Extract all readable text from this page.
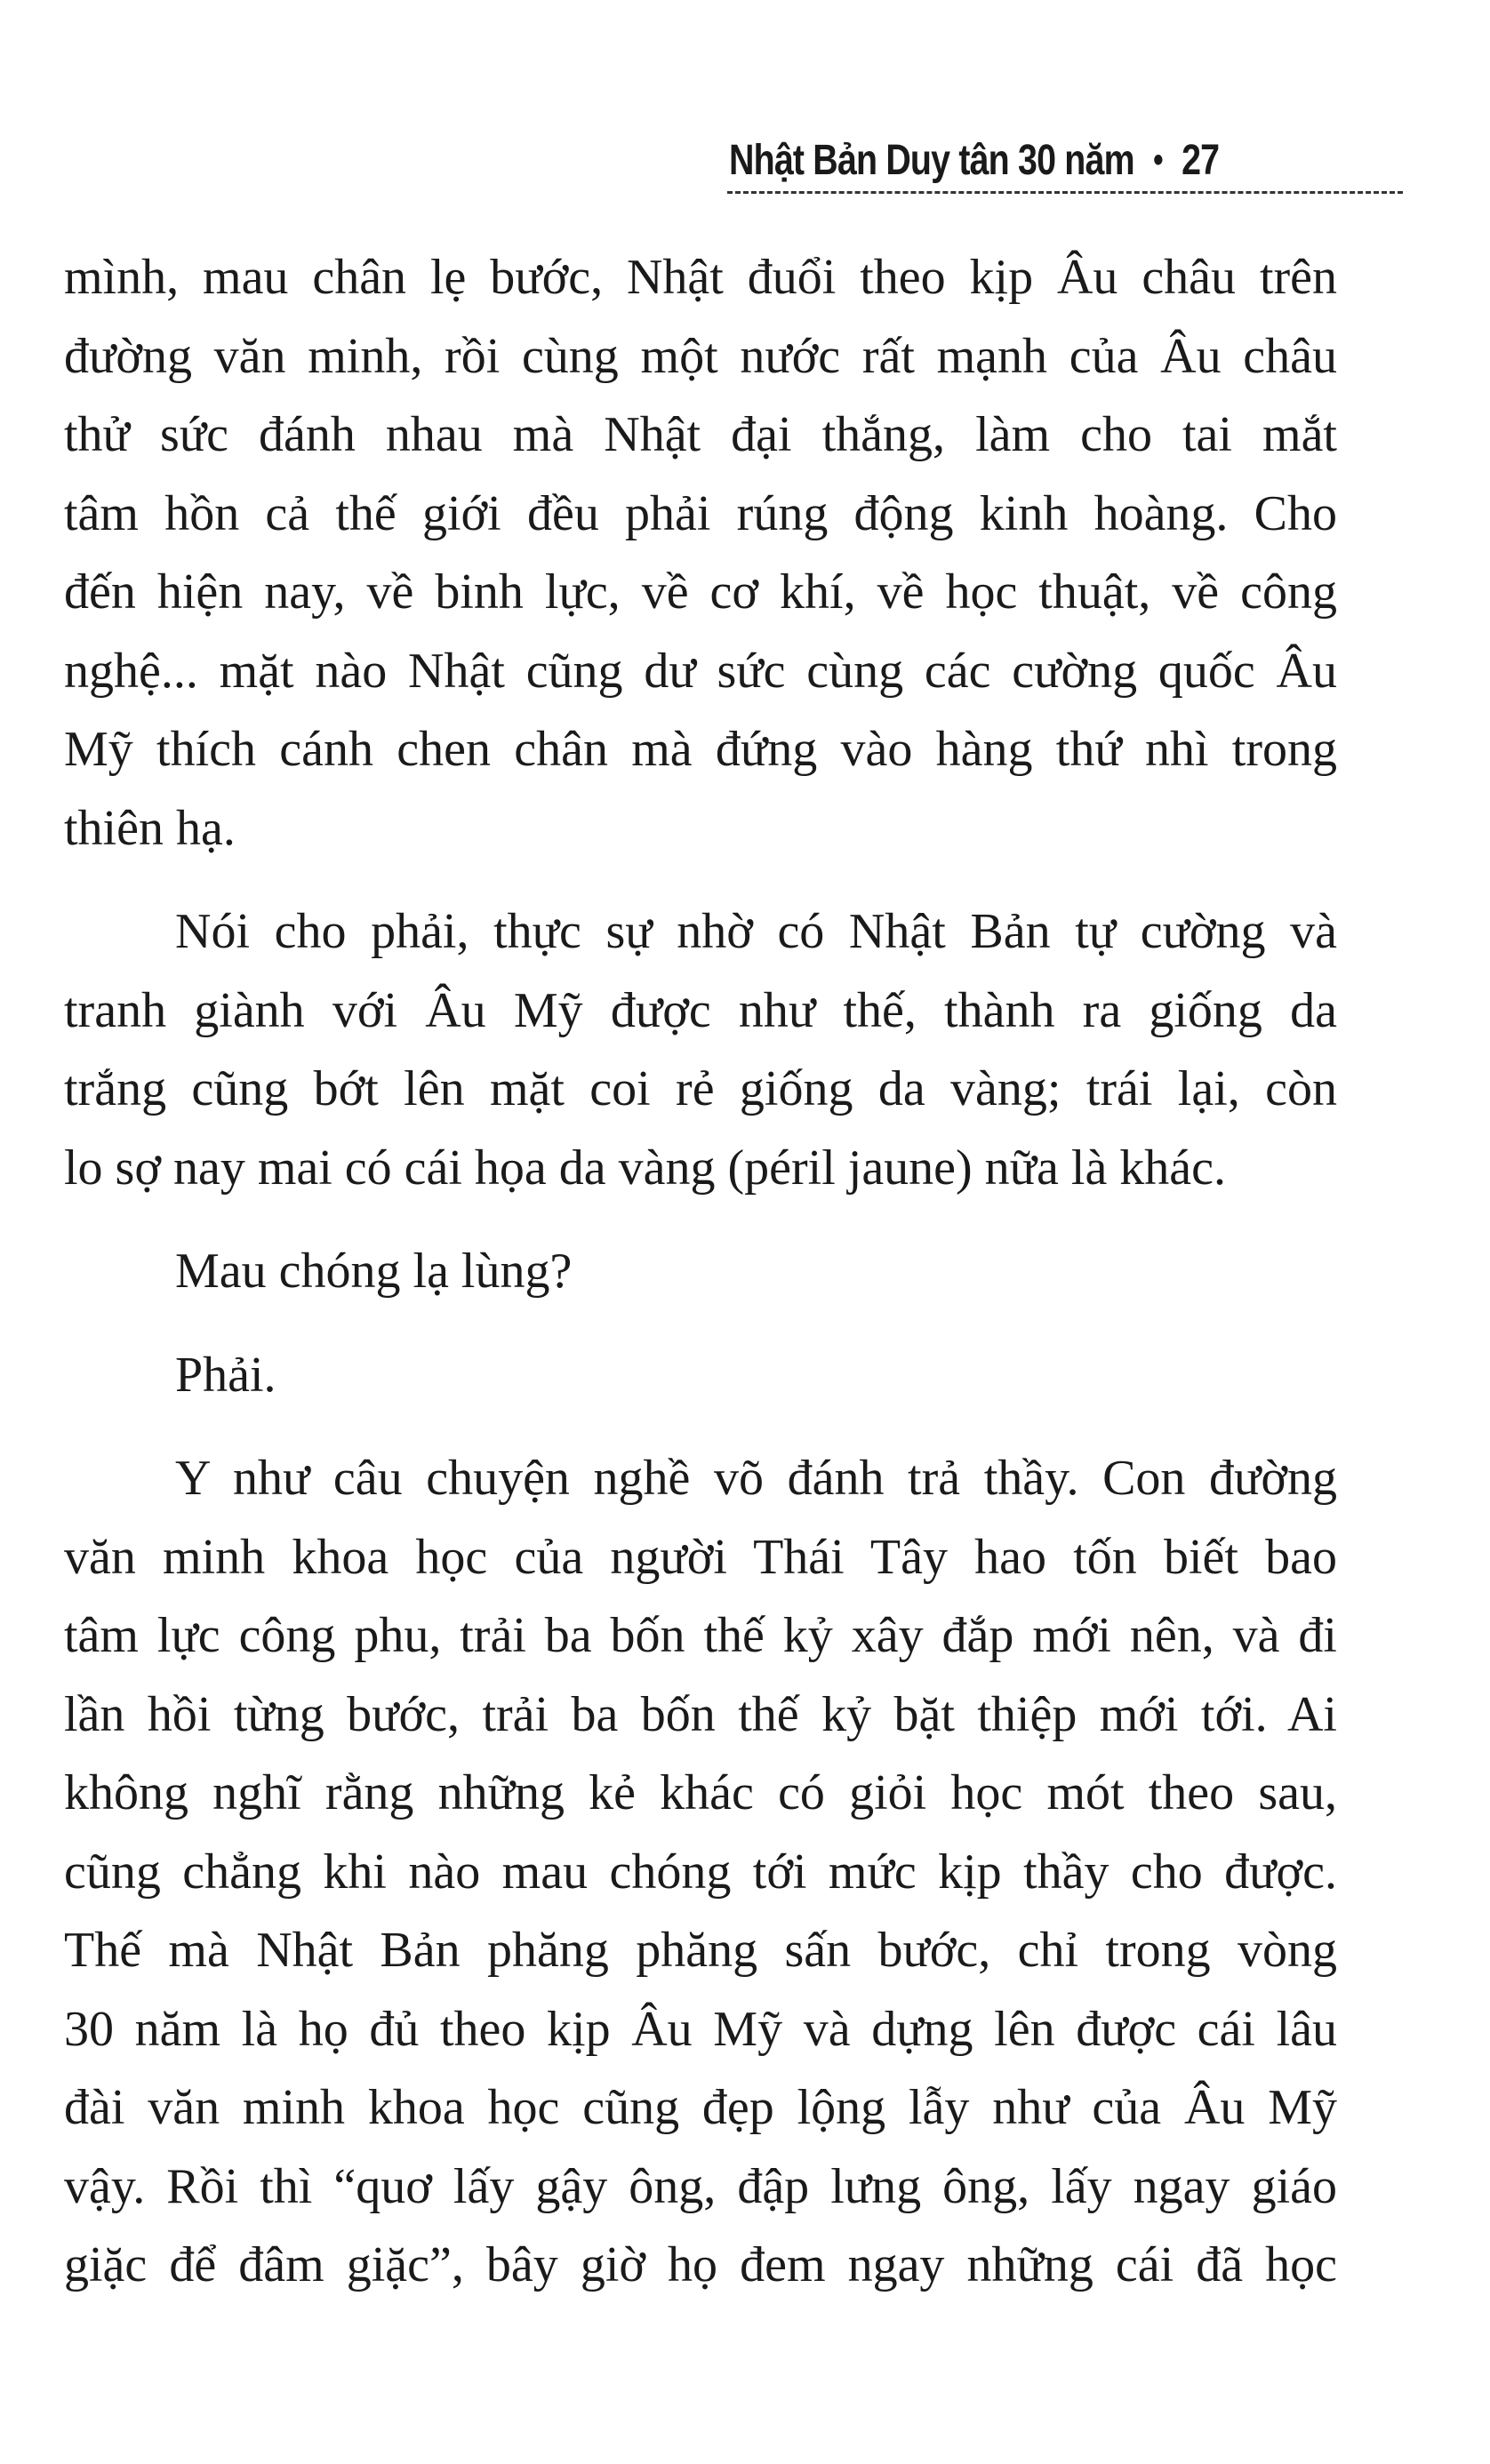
Nhật Bản Duy tân 30 năm • 27
mình, mau chân lẹ bước, Nhật đuổi theo kịp Âu châu trên
đường văn minh, rồi cùng một nước rất mạnh của Âu châu
thử sức đánh nhau mà Nhật đại thắng, làm cho tai mắt
tâm hồn cả thế giới đều phải rúng động kinh hoàng. Cho
đến hiện nay, về binh lực, về cơ khí, về học thuật, về công
nghệ... mặt nào Nhật cũng dư sức cùng các cường quốc Âu
Mỹ thích cánh chen chân mà đứng vào hàng thứ nhì trong
thiên hạ.
Nói cho phải, thực sự nhờ có Nhật Bản tự cường và
tranh giành với Âu Mỹ được như thế, thành ra giống da
trắng cũng bớt lên mặt coi rẻ giống da vàng; trái lại, còn
lo sợ nay mai có cái họa da vàng (péril jaune) nữa là khác.
Mau chóng lạ lùng?
Phải.
Y như câu chuyện nghề võ đánh trả thầy. Con đường
văn minh khoa học của người Thái Tây hao tốn biết bao
tâm lực công phu, trải ba bốn thế kỷ xây đắp mới nên, và đi
lần hồi từng bước, trải ba bốn thế kỷ bặt thiệp mới tới. Ai
không nghĩ rằng những kẻ khác có giỏi học mót theo sau,
cũng chẳng khi nào mau chóng tới mức kịp thầy cho được.
Thế mà Nhật Bản phăng phăng sấn bước, chỉ trong vòng
30 năm là họ đủ theo kịp Âu Mỹ và dựng lên được cái lâu
đài văn minh khoa học cũng đẹp lộng lẫy như của Âu Mỹ
vậy. Rồi thì “quơ lấy gậy ông, đập lưng ông, lấy ngay giáo
giặc để đâm giặc”, bây giờ họ đem ngay những cái đã học
